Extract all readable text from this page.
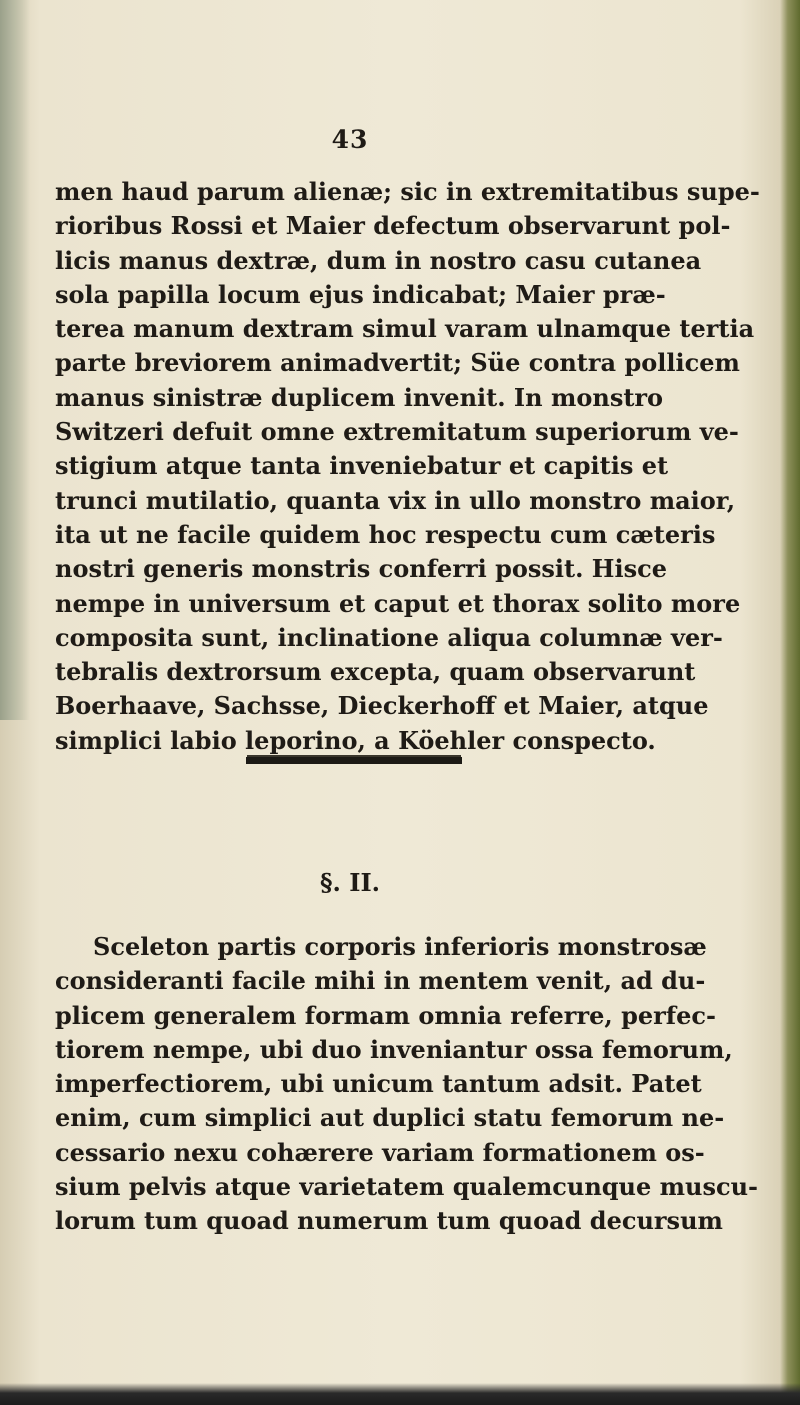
43
men haud parum alienæ; sic in extremitatibus supe-
rioribus Rossi et Maier defectum observarunt pol-
licis manus dextræ, dum in nostro casu cutanea
sola papilla locum ejus indicabat; Maier præ-
terea manum dextram simul varam ulnamque tertia
parte breviorem animadvertit; Süe contra pollicem
manus sinistræ duplicem invenit. In monstro
Switzeri defuit omne extremitatum superiorum ve-
stigium atque tanta inveniebatur et capitis et
trunci mutilatio, quanta vix in ullo monstro maior,
ita ut ne facile quidem hoc respectu cum cæteris
nostri generis monstris conferri possit. Hisce
nempe in universum et caput et thorax solito more
composita sunt, inclinatione aliqua columnæ ver-
tebralis dextrorsum excepta, quam observarunt
Boerhaave, Sachsse, Dieckerhoff et Maier, atque
simplici labio leporino, a Köehler conspecto.
§. II.
Sceleton partis corporis inferioris monstrosæ
consideranti facile mihi in mentem venit, ad du-
plicem generalem formam omnia referre, perfec-
tiorem nempe, ubi duo inveniantur ossa femorum,
imperfectiorem, ubi unicum tantum adsit. Patet
enim, cum simplici aut duplici statu femorum ne-
cessario nexu cohærere variam formationem os-
sium pelvis atque varietatem qualemcunque muscu-
lorum tum quoad numerum tum quoad decursum
